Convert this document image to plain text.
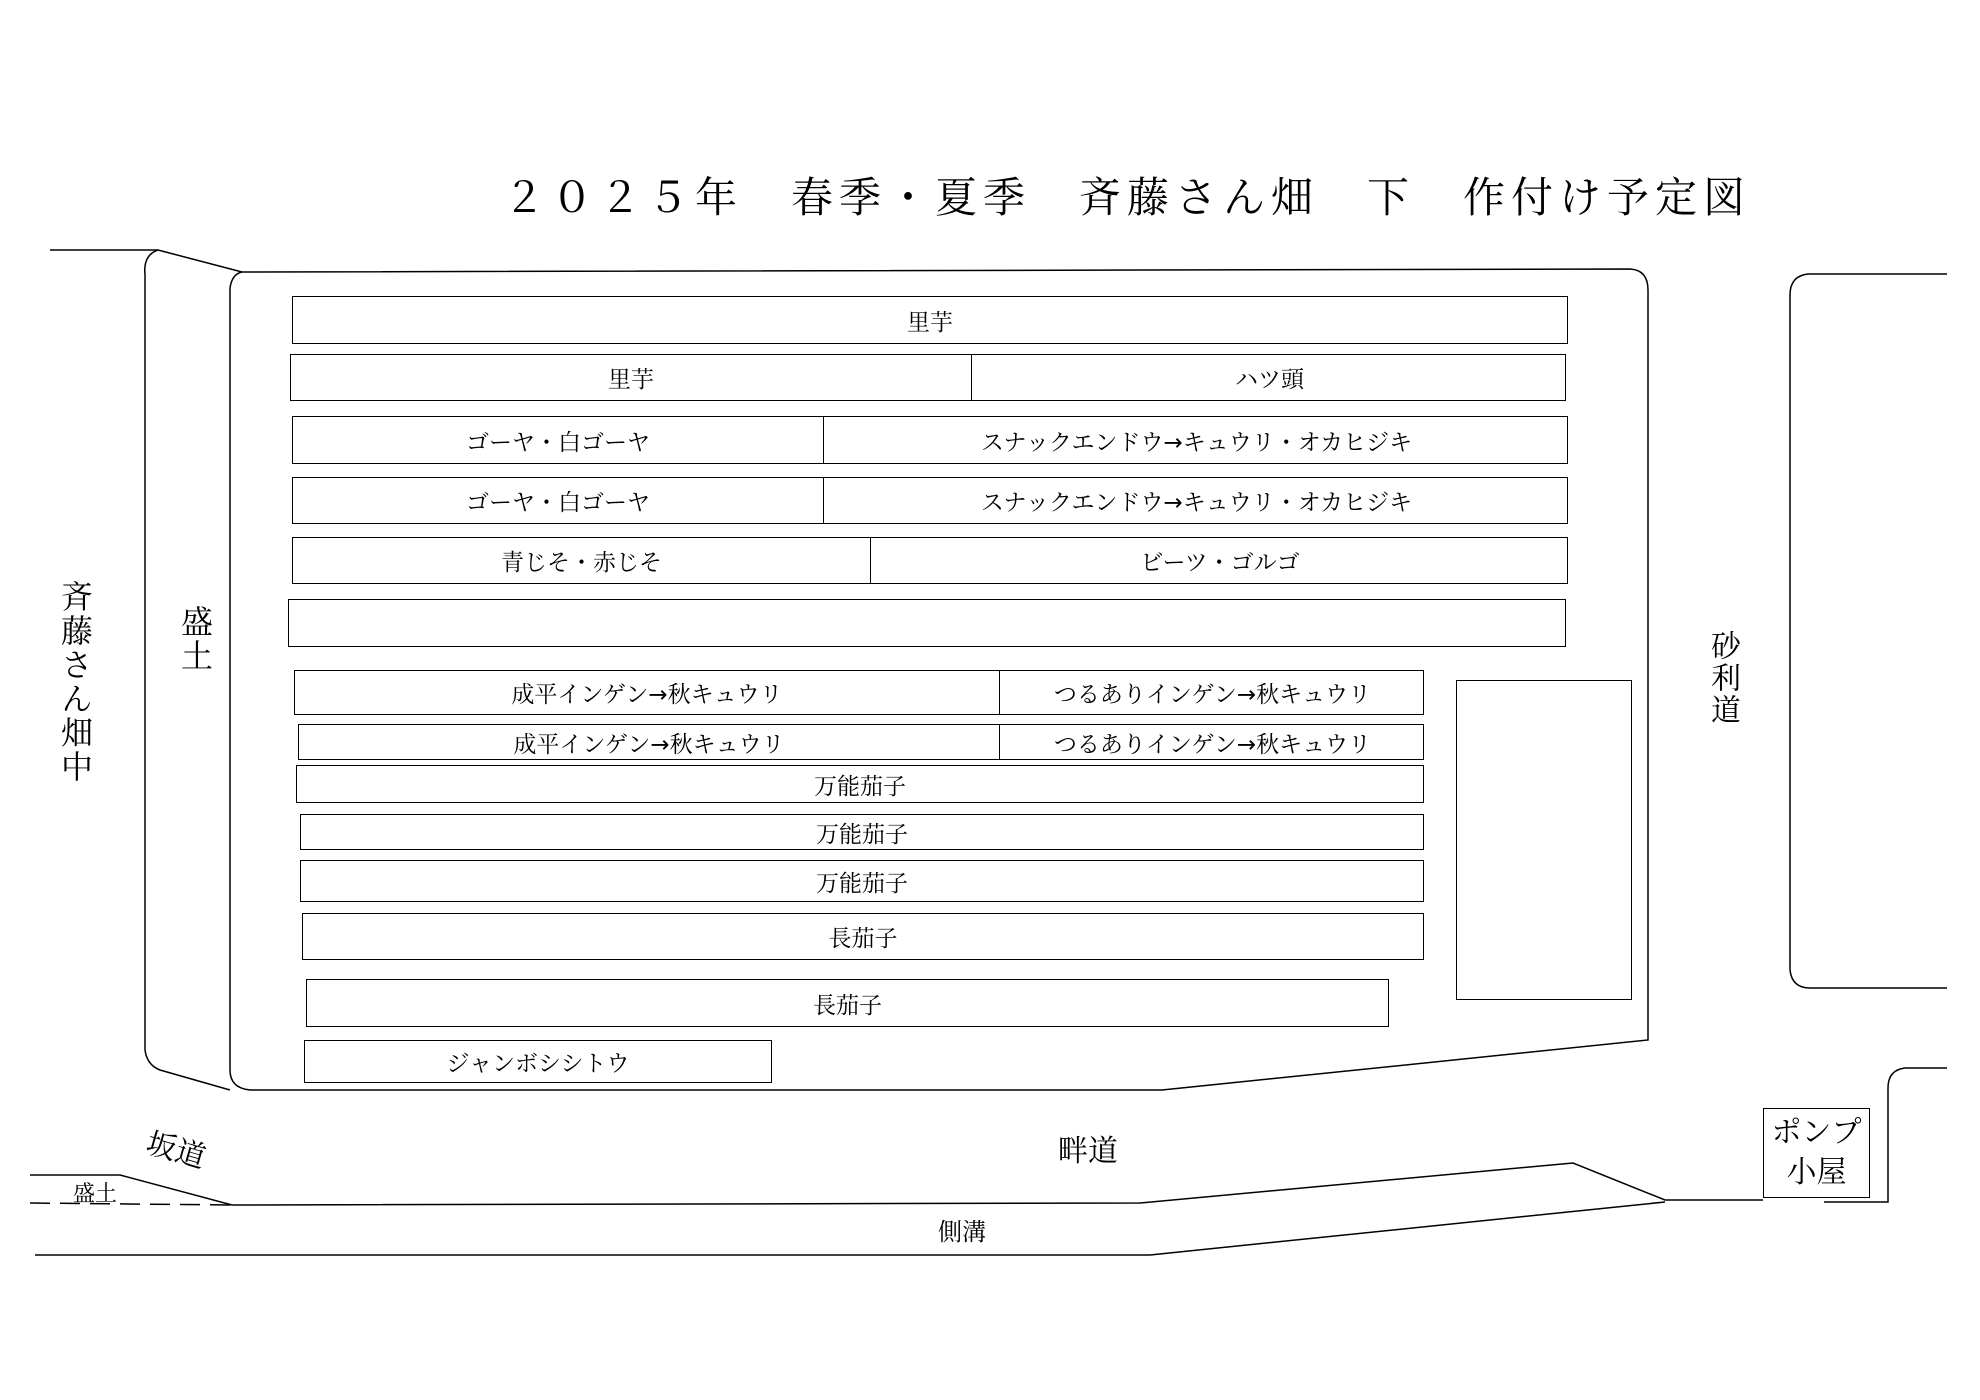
２０２５年　春季・夏季　斉藤さん畑　下　作付け予定図
斉藤さん畑中	盛土	砂利道
坂道	畔道
盛土
側溝
ポンプ
小屋
里芋
里芋	ハツ頭
ゴーヤ・白ゴーヤ	スナックエンドウ→キュウリ・オカヒジキ
ゴーヤ・白ゴーヤ	スナックエンドウ→キュウリ・オカヒジキ
青じそ・赤じそ	ビーツ・ゴルゴ
成平インゲン→秋キュウリ	つるありインゲン→秋キュウリ
成平インゲン→秋キュウリ	つるありインゲン→秋キュウリ
万能茄子
万能茄子
万能茄子
長茄子
長茄子
ジャンボシシトウ
